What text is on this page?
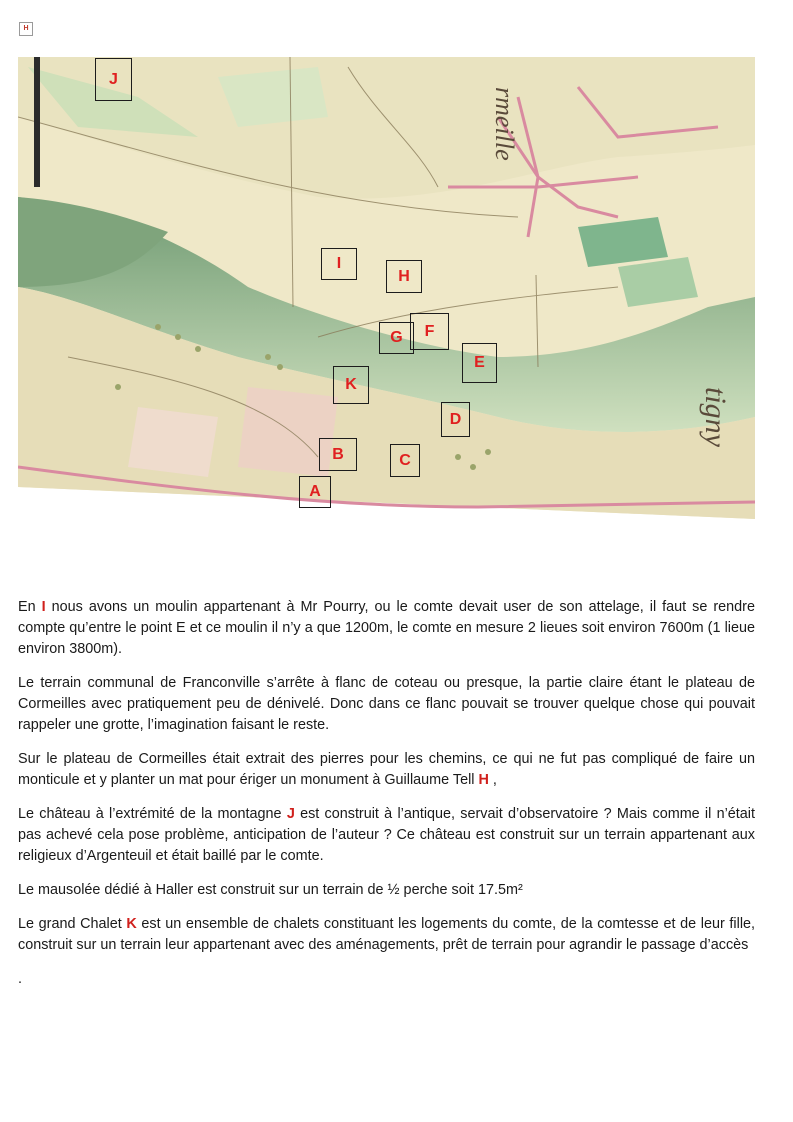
H
rmeille
tigny
J
I
H
F
G
E
K
D
B	C
A

En I nous avons un moulin appartenant à Mr Pourry, ou le comte devait user de son attelage, il faut se rendre compte qu’entre le point E et ce moulin il n’y a que 1200m, le comte en mesure 2 lieues soit environ 7600m (1 lieue environ 3800m).

Le terrain communal de Franconville s’arrête à flanc de coteau ou presque, la partie claire étant le plateau de Cormeilles avec pratiquement peu de dénivelé. Donc dans ce flanc pouvait se trouver quelque chose qui pouvait rappeler une grotte, l’imagination faisant le reste.

Sur le plateau de Cormeilles était extrait des pierres pour les chemins, ce qui ne fut pas compliqué de faire un monticule et y planter un mat pour ériger un monument à Guillaume Tell H ,

Le château à l’extrémité de la montagne J est construit à l’antique, servait d’observatoire ? Mais comme il n’était pas achevé cela pose problème, anticipation de l’auteur ? Ce château est construit sur un terrain appartenant aux religieux d’Argenteuil et était baillé par le comte.

Le mausolée dédié à Haller est construit sur un terrain de ½ perche soit 17.5m²

Le grand Chalet K est un ensemble de chalets constituant les logements du comte, de la comtesse et de leur fille, construit sur un terrain leur appartenant avec des aménagements, prêt de terrain pour agrandir le passage d’accès

.
